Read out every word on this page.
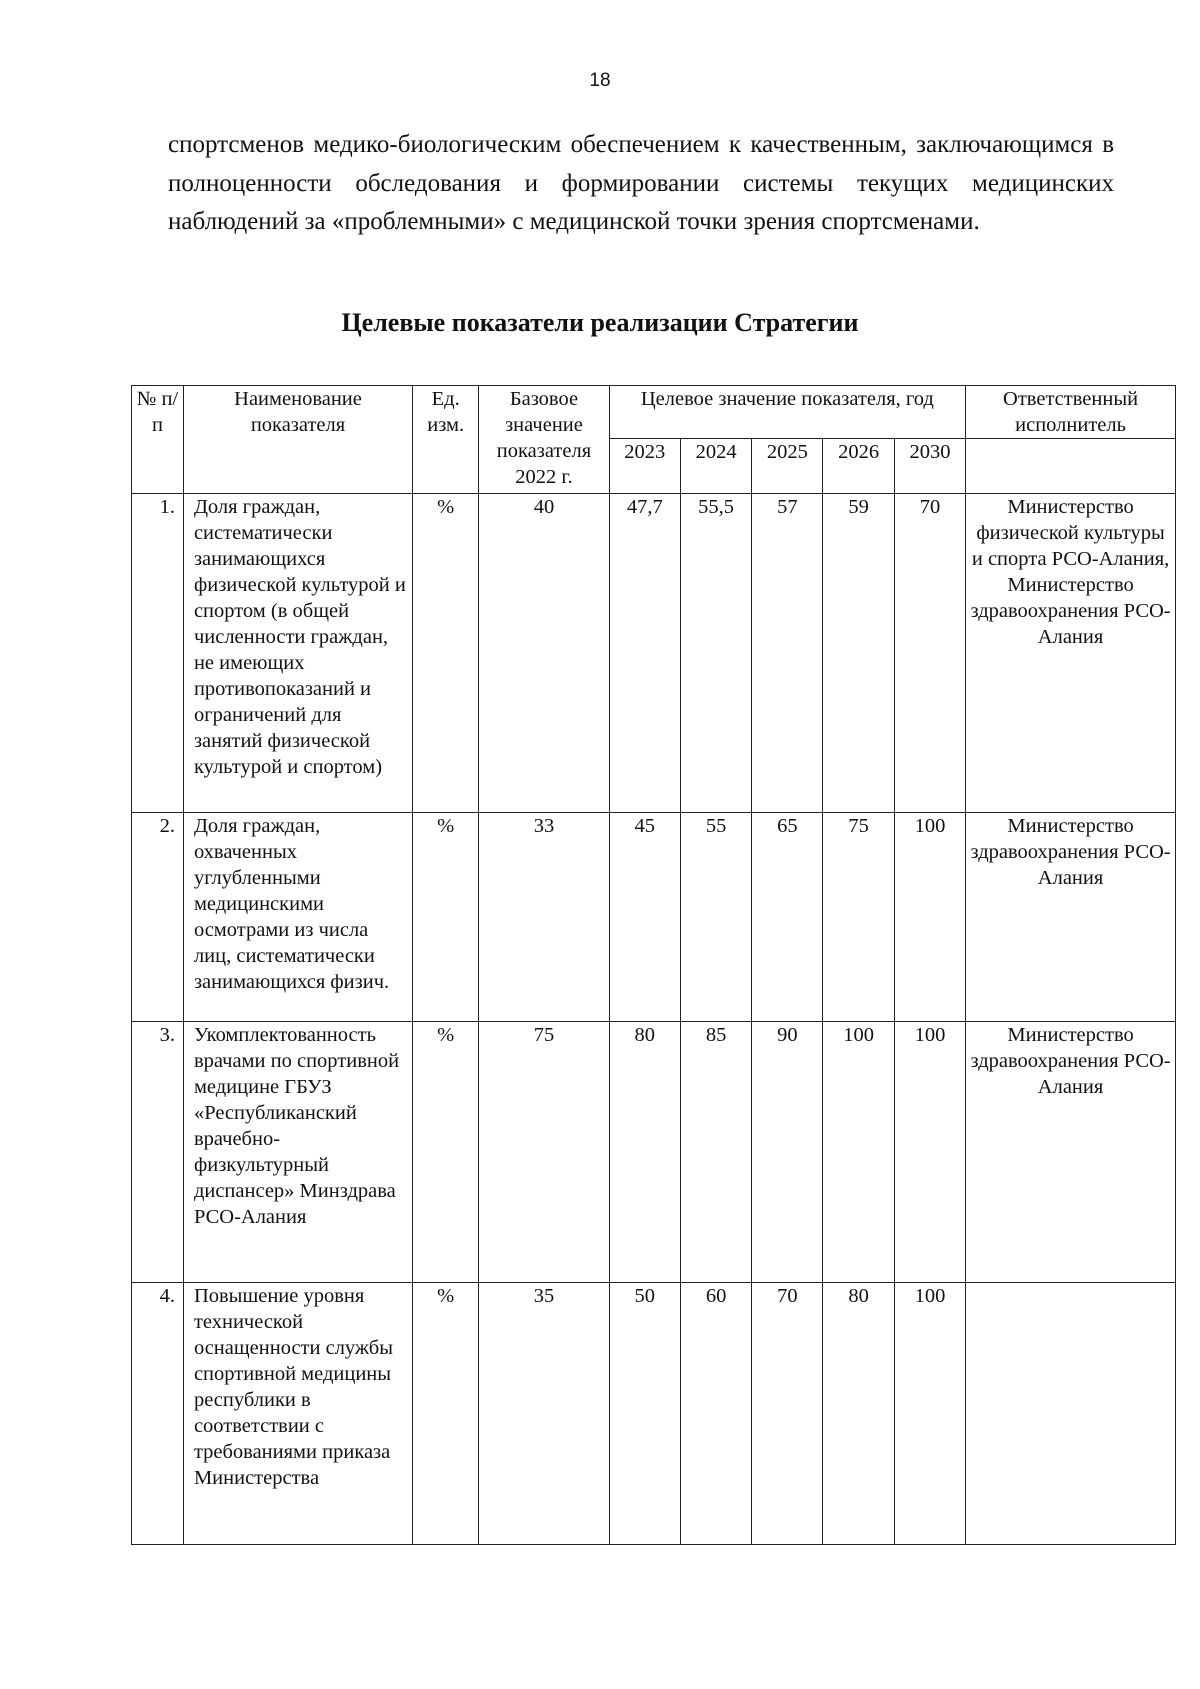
18

спортсменов медико-биологическим обеспечением к качественным, заключающимся в полноценности обследования и формировании системы текущих медицинских наблюдений за «проблемными» с медицинской точки зрения спортсменами.

Целевые показатели реализации Стратегии
№ п/п	Наименование показателя	Ед. изм.	Базовое значение показателя 2022 г.	Целевое значение показателя, год					Ответственный исполнитель
				2023	2024	2025	2026	2030	
1.	Доля граждан, систематически занимающихся физической культурой и спортом (в общей численности граждан, не имеющих противопоказаний и ограничений для занятий физической культурой и спортом)	%	40	47,7	55,5	57	59	70	Министерство физической культуры и спорта РСО-Алания, Министерство здравоохранения РСО-Алания
2.	Доля граждан, охваченных углубленными медицинскими осмотрами из числа лиц, систематически занимающихся физич.	%	33	45	55	65	75	100	Министерство здравоохранения РСО-Алания
3.	Укомплектованность врачами по спортивной медицине ГБУЗ «Республиканский врачебно-физкультурный диспансер» Минздрава РСО-Алания	%	75	80	85	90	100	100	Министерство здравоохранения РСО-Алания
4.	Повышение уровня технической оснащенности службы спортивной медицины республики в соответствии с требованиями приказа Министерства	%	35	50	60	70	80	100	
